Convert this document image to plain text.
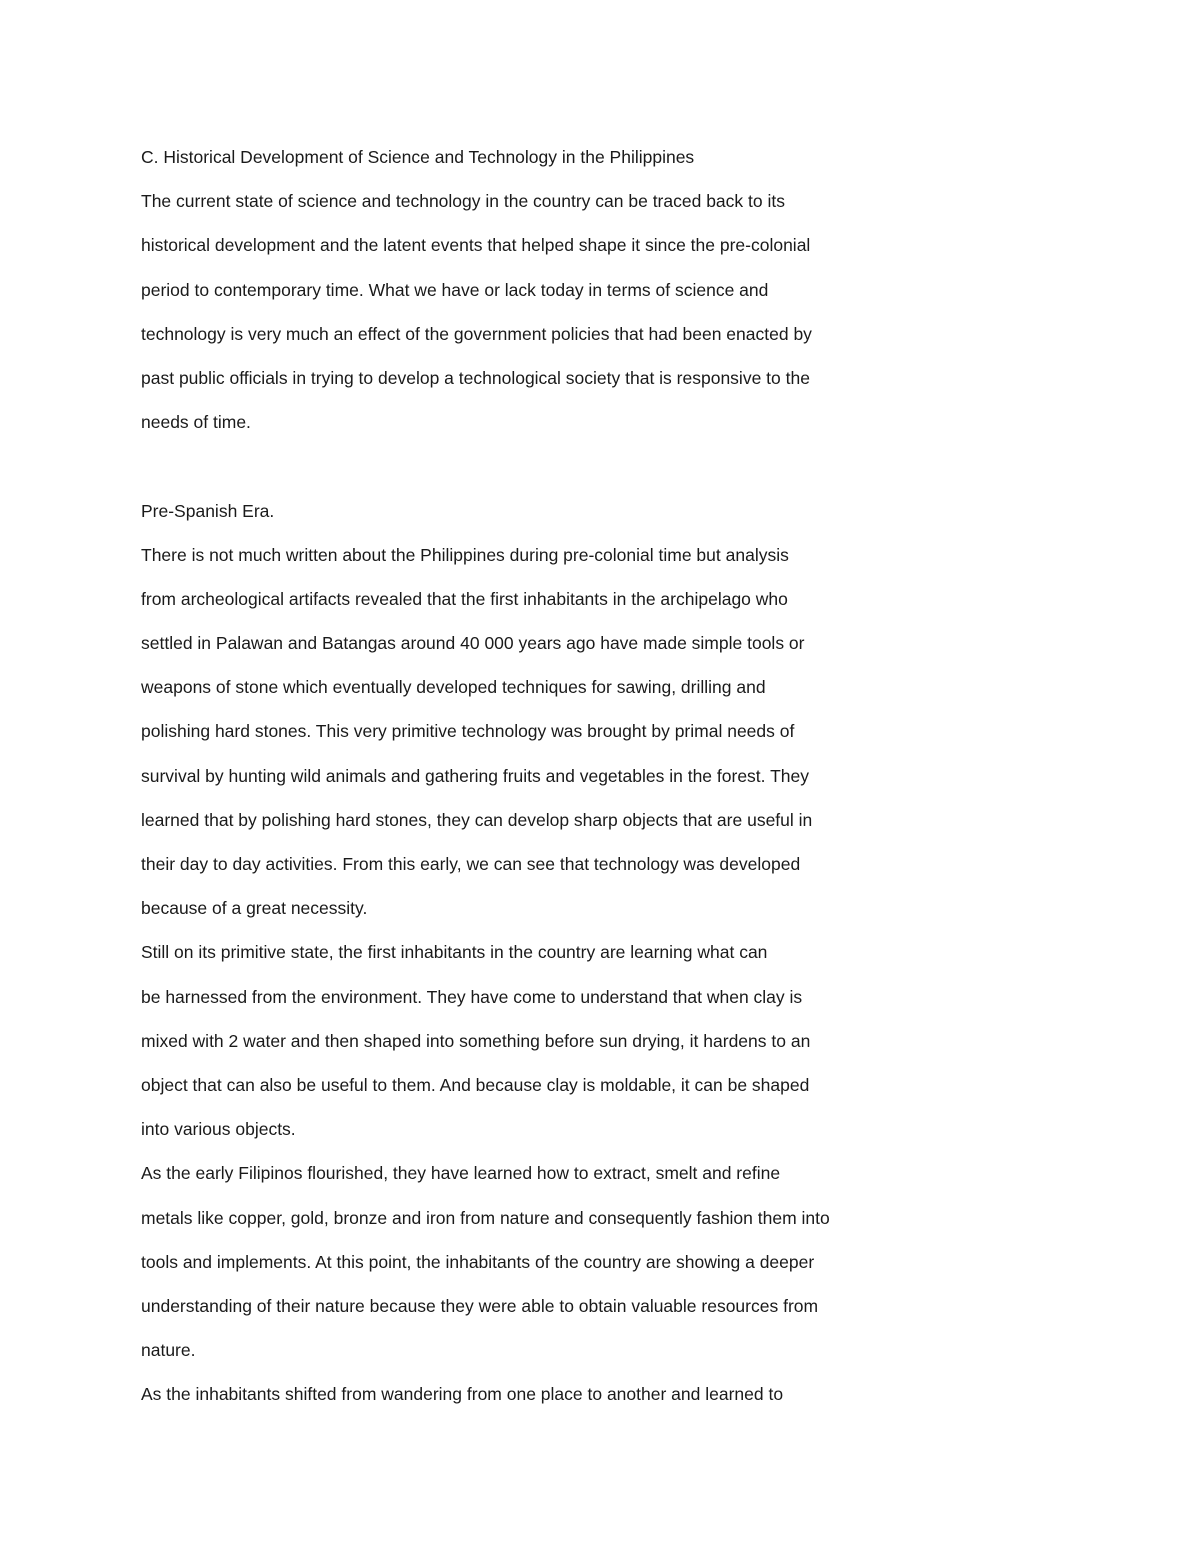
C. Historical Development of Science and Technology in the Philippines
The current state of science and technology in the country can be traced back to its
historical development and the latent events that helped shape it since the pre-colonial
period to contemporary time. What we have or lack today in terms of science and
technology is very much an effect of the government policies that had been enacted by
past public officials in trying to develop a technological society that is responsive to the
needs of time.
Pre-Spanish Era.
There is not much written about the Philippines during pre-colonial time but analysis
from archeological artifacts revealed that the first inhabitants in the archipelago who
settled in Palawan and Batangas around 40 000 years ago have made simple tools or
weapons of stone which eventually developed techniques for sawing, drilling and
polishing hard stones. This very primitive technology was brought by primal needs of
survival by hunting wild animals and gathering fruits and vegetables in the forest. They
learned that by polishing hard stones, they can develop sharp objects that are useful in
their day to day activities. From this early, we can see that technology was developed
because of a great necessity.
Still on its primitive state, the first inhabitants in the country are learning what can
be harnessed from the environment. They have come to understand that when clay is
mixed with 2 water and then shaped into something before sun drying, it hardens to an
object that can also be useful to them. And because clay is moldable, it can be shaped
into various objects.
As the early Filipinos flourished, they have learned how to extract, smelt and refine
metals like copper, gold, bronze and iron from nature and consequently fashion them into
tools and implements. At this point, the inhabitants of the country are showing a deeper
understanding of their nature because they were able to obtain valuable resources from
nature.
As the inhabitants shifted from wandering from one place to another and learned to
